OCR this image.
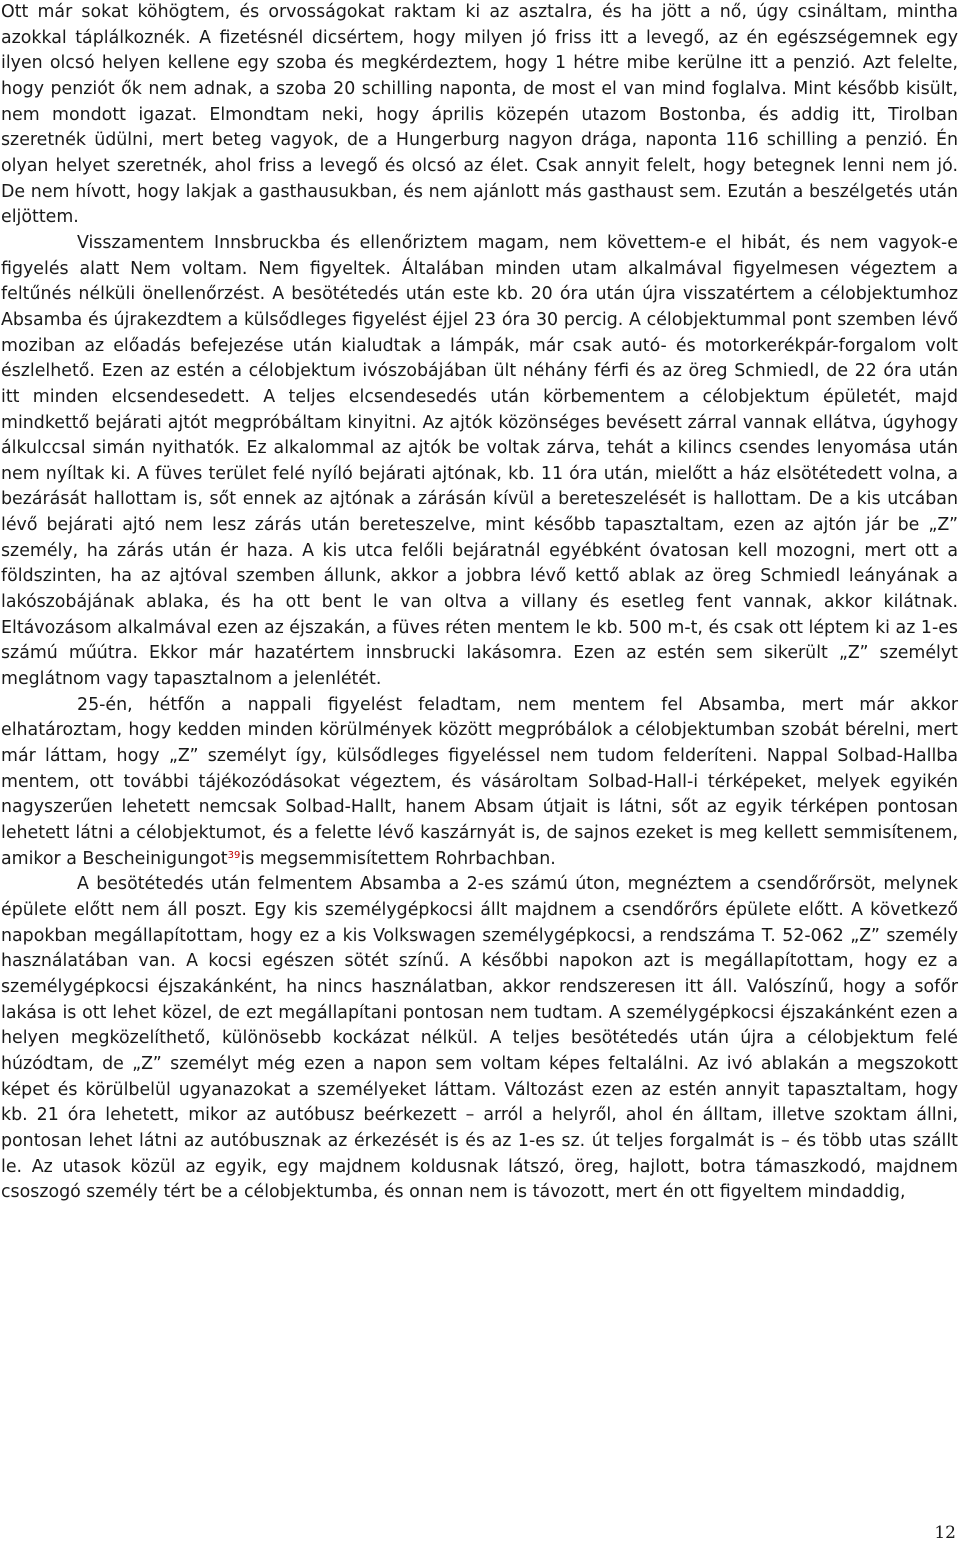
Ott már sokat köhögtem, és orvosságokat raktam ki az asztalra, és ha jött a nő, úgy csináltam, mintha azokkal táplálkoznék. A fizetésnél dicsértem, hogy milyen jó friss itt a levegő, az én egészségemnek egy ilyen olcsó helyen kellene egy szoba és megkérdeztem, hogy 1 hétre mibe kerülne itt a penzió. Azt felelte, hogy penziót ők nem adnak, a szoba 20 schilling naponta, de most el van mind foglalva. Mint később kisült, nem mondott igazat. Elmondtam neki, hogy április közepén utazom Bostonba, és addig itt, Tirolban szeretnék üdülni, mert beteg vagyok, de a Hungerburg nagyon drága, naponta 116 schilling a penzió. Én olyan helyet szeretnék, ahol friss a levegő és olcsó az élet. Csak annyit felelt, hogy betegnek lenni nem jó. De nem hívott, hogy lakjak a gasthausukban, és nem ajánlott más gasthaust sem. Ezután a beszélgetés után eljöttem.

Visszamentem Innsbruckba és ellenőriztem magam, nem követtem-e el hibát, és nem vagyok-e figyelés alatt Nem voltam. Nem figyeltek. Általában minden utam alkalmával figyelmesen végeztem a feltűnés nélküli önellenőrzést. A besötétedés után este kb. 20 óra után újra visszatértem a célobjektumhoz Absamba és újrakezdtem a külsődleges figyelést éjjel 23 óra 30 percig. A célobjektummal pont szemben lévő moziban az előadás befejezése után kialudtak a lámpák, már csak autó- és motorkerékpár-forgalom volt észlelhető. Ezen az estén a célobjektum ivószobájában ült néhány férfi és az öreg Schmiedl, de 22 óra után itt minden elcsendesedett. A teljes elcsendesedés után körbementem a célobjektum épületét, majd mindkettő bejárati ajtót megpróbáltam kinyitni. Az ajtók közönséges bevésett zárral vannak ellátva, úgyhogy álkulccsal simán nyithatók. Ez alkalommal az ajtók be voltak zárva, tehát a kilincs csendes lenyomása után nem nyíltak ki. A füves terület felé nyíló bejárati ajtónak, kb. 11 óra után, mielőtt a ház elsötétedett volna, a bezárását hallottam is, sőt ennek az ajtónak a zárásán kívül a bereteszelését is hallottam. De a kis utcában lévő bejárati ajtó nem lesz zárás után bereteszelve, mint később tapasztaltam, ezen az ajtón jár be „Z” személy, ha zárás után ér haza. A kis utca felőli bejáratnál egyébként óvatosan kell mozogni, mert ott a földszinten, ha az ajtóval szemben állunk, akkor a jobbra lévő kettő ablak az öreg Schmiedl leányának a lakószobájának ablaka, és ha ott bent le van oltva a villany és esetleg fent vannak, akkor kilátnak. Eltávozásom alkalmával ezen az éjszakán, a füves réten mentem le kb. 500 m-t, és csak ott léptem ki az 1-es számú műútra. Ekkor már hazatértem innsbrucki lakásomra. Ezen az estén sem sikerült „Z” személyt meglátnom vagy tapasztalnom a jelenlétét.

25-én, hétfőn a nappali figyelést feladtam, nem mentem fel Absamba, mert már akkor elhatároztam, hogy kedden minden körülmények között megpróbálok a célobjektumban szobát bérelni, mert már láttam, hogy „Z” személyt így, külsődleges figyeléssel nem tudom felderíteni. Nappal Solbad-Hallba mentem, ott további tájékozódásokat végeztem, és vásároltam Solbad-Hall-i térképeket, melyek egyikén nagyszerűen lehetett nemcsak Solbad-Hallt, hanem Absam útjait is látni, sőt az egyik térképen pontosan lehetett látni a célobjektumot, és a felette lévő kaszárnyát is, de sajnos ezeket is meg kellett semmisítenem, amikor a Bescheinigungot$^{39}$is megsemmisítettem Rohrbachban.

A besötétedés után felmentem Absamba a 2-es számú úton, megnéztem a csendőrőrsöt, melynek épülete előtt nem áll poszt. Egy kis személygépkocsi állt majdnem a csendőrőrs épülete előtt. A következő napokban megállapítottam, hogy ez a kis Volkswagen személygépkocsi, a rendszáma T. 52-062 „Z” személy használatában van. A kocsi egészen sötét színű. A későbbi napokon azt is megállapítottam, hogy ez a személygépkocsi éjszakánként, ha nincs használatban, akkor rendszeresen itt áll. Valószínű, hogy a sofőr lakása is ott lehet közel, de ezt megállapítani pontosan nem tudtam. A személygépkocsi éjszakánként ezen a helyen megközelíthető, különösebb kockázat nélkül. A teljes besötétedés után újra a célobjektum felé húzódtam, de „Z” személyt még ezen a napon sem voltam képes feltalálni. Az ivó ablakán a megszokott képet és körülbelül ugyanazokat a személyeket láttam. Változást ezen az estén annyit tapasztaltam, hogy kb. 21 óra lehetett, mikor az autóbusz beérkezett – arról a helyről, ahol én álltam, illetve szoktam állni, pontosan lehet látni az autóbusznak az érkezését is és az 1-es sz. út teljes forgalmát is – és több utas szállt le. Az utasok közül az egyik, egy majdnem koldusnak látszó, öreg, hajlott, botra támaszkodó, majdnem csoszogó személy tért be a célobjektumba, és onnan nem is távozott, mert én ott figyeltem mindaddig,

12
